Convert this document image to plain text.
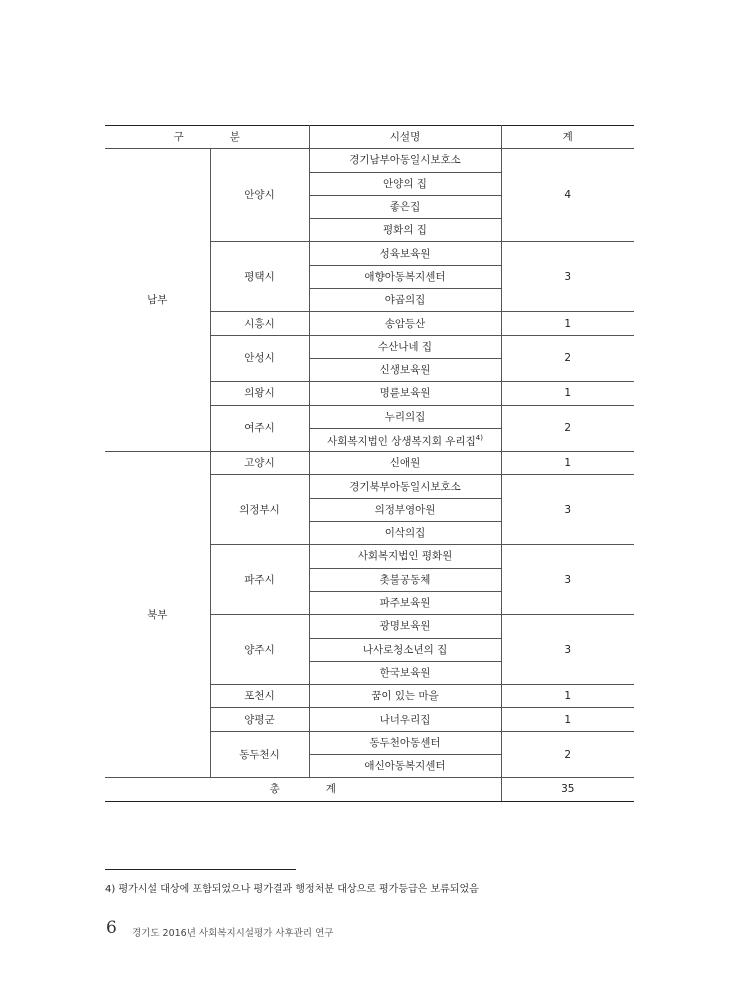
구 분		시설명	계
남부	안양시	경기남부아동일시보호소	4
		안양의 집	
		좋은집	
		평화의 집	
	평택시	성육보육원	3
		애향아동복지센터	
		야곱의집	
	시흥시	송암등산	1
	안성시	수산나네 집	2
		신생보육원	
	의왕시	명륜보육원	1
	여주시	누리의집	2
		사회복지법인 상생복지회 우리집$^{4)}$
북부	고양시	신애원	1
	의정부시	경기북부아동일시보호소	3
		의정부영아원	
		이삭의집	
	파주시	사회복지법인 평화원	3
		촛불공동체	
		파주보육원	
	양주시	광명보육원	3
		나사로청소년의 집	
		한국보육원	
	포천시	꿈이 있는 마을	1
	양평군	나너우리집	1
	동두천시	동두천아동센터	2
		애신아동복지센터	
총 계			35
4) 평가시설 대상에 포함되었으나 평가결과 행정처분 대상으로 평가등급은 보류되었음
6 경기도 2016년 사회복지시설평가 사후관리 연구
